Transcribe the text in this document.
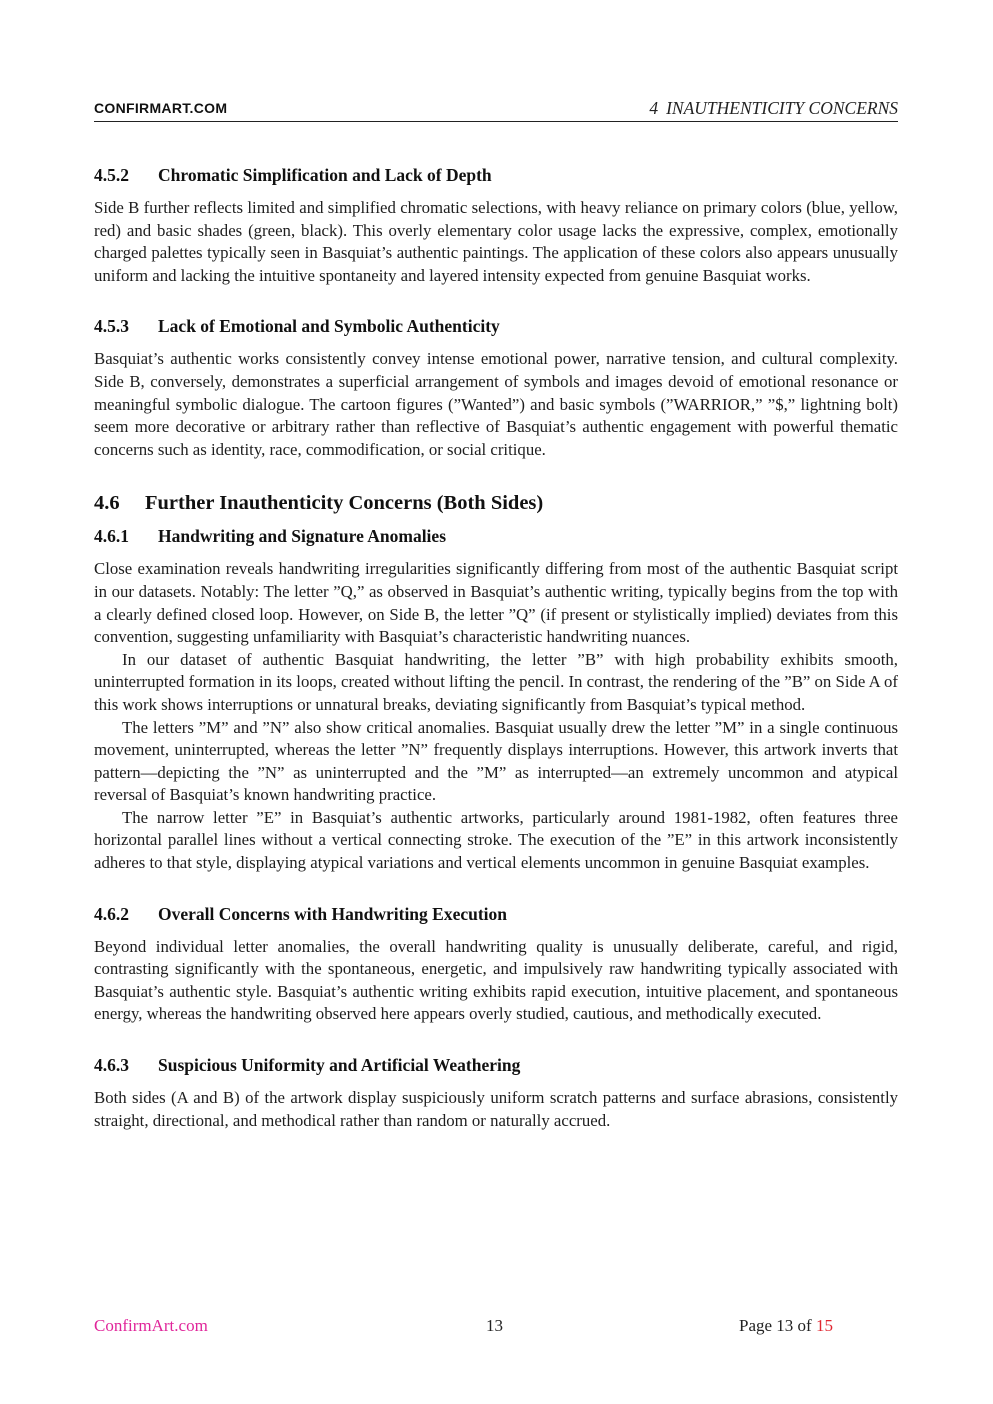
CONFIRMART.COM	4 INAUTHENTICITY CONCERNS
4.5.2 Chromatic Simplification and Lack of Depth

Side B further reflects limited and simplified chromatic selections, with heavy reliance on primary colors (blue, yellow, red) and basic shades (green, black). This overly elementary color usage lacks the expressive, complex, emotionally charged palettes typically seen in Basquiat’s authentic paintings. The application of these colors also appears unusually uniform and lacking the intuitive spontaneity and layered intensity expected from genuine Basquiat works.

4.5.3 Lack of Emotional and Symbolic Authenticity

Basquiat’s authentic works consistently convey intense emotional power, narrative tension, and cultural complexity. Side B, conversely, demonstrates a superficial arrangement of symbols and images devoid of emotional resonance or meaningful symbolic dialogue. The cartoon figures (”Wanted”) and basic symbols (”WARRIOR,” ”$,” lightning bolt) seem more decorative or arbitrary rather than reflective of Basquiat’s authentic engagement with powerful thematic concerns such as identity, race, commodification, or social critique.

4.6 Further Inauthenticity Concerns (Both Sides)
4.6.1 Handwriting and Signature Anomalies

Close examination reveals handwriting irregularities significantly differing from most of the authentic Basquiat script in our datasets. Notably: The letter ”Q,” as observed in Basquiat’s authentic writing, typically begins from the top with a clearly defined closed loop. However, on Side B, the letter ”Q” (if present or stylistically implied) deviates from this convention, suggesting unfamiliarity with Basquiat’s characteristic handwriting nuances.

In our dataset of authentic Basquiat handwriting, the letter ”B” with high probability exhibits smooth, uninterrupted formation in its loops, created without lifting the pencil. In contrast, the rendering of the ”B” on Side A of this work shows interruptions or unnatural breaks, deviating significantly from Basquiat’s typical method.

The letters ”M” and ”N” also show critical anomalies. Basquiat usually drew the letter ”M” in a single continuous movement, uninterrupted, whereas the letter ”N” frequently displays interruptions. However, this artwork inverts that pattern—depicting the ”N” as uninterrupted and the ”M” as interrupted—an extremely uncommon and atypical reversal of Basquiat’s known handwriting practice.

The narrow letter ”E” in Basquiat’s authentic artworks, particularly around 1981-1982, often features three horizontal parallel lines without a vertical connecting stroke. The execution of the ”E” in this artwork inconsistently adheres to that style, displaying atypical variations and vertical elements uncommon in genuine Basquiat examples.

4.6.2 Overall Concerns with Handwriting Execution

Beyond individual letter anomalies, the overall handwriting quality is unusually deliberate, careful, and rigid, contrasting significantly with the spontaneous, energetic, and impulsively raw handwriting typically associated with Basquiat’s authentic style. Basquiat’s authentic writing exhibits rapid execution, intuitive placement, and spontaneous energy, whereas the handwriting observed here appears overly studied, cautious, and methodically executed.

4.6.3 Suspicious Uniformity and Artificial Weathering

Both sides (A and B) of the artwork display suspiciously uniform scratch patterns and surface abrasions, consistently straight, directional, and methodical rather than random or naturally accrued.

ConfirmArt.com	13	Page 13 of 15
